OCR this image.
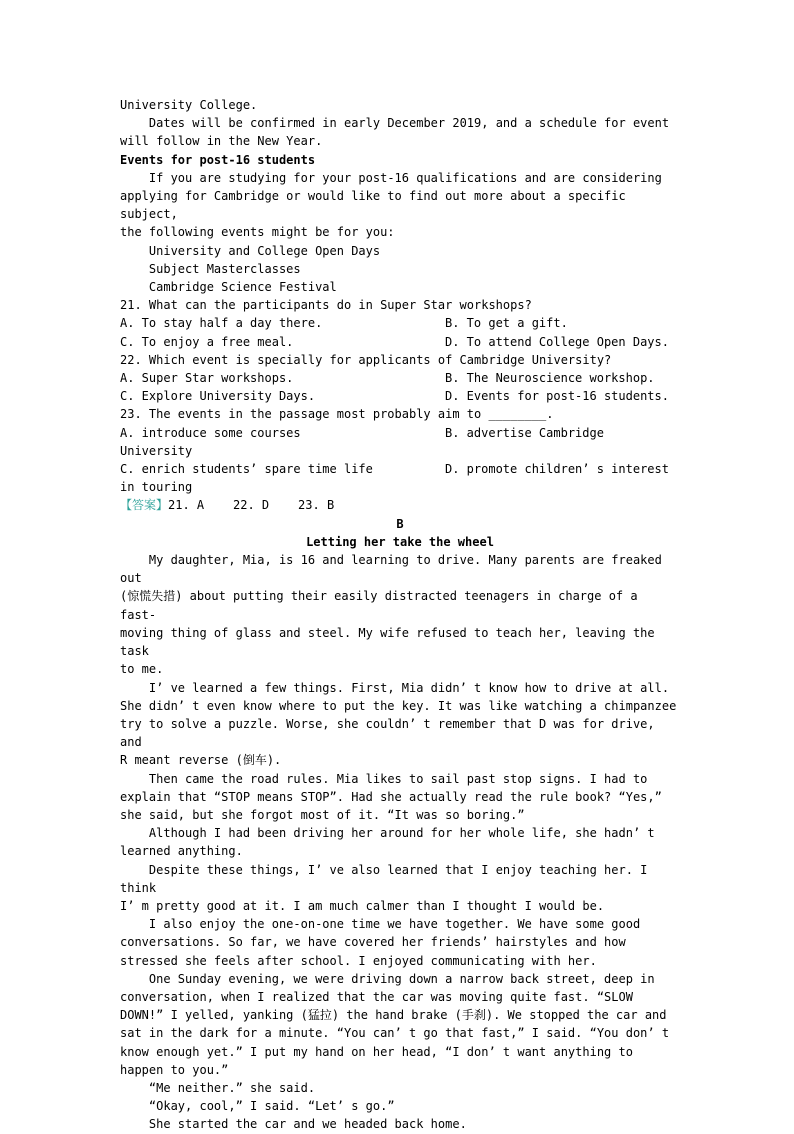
University College.
Dates will be confirmed in early December 2019, and a schedule for event
will follow in the New Year.
Events for post-16 students
If you are studying for your post-16 qualifications and are considering
applying for Cambridge or would like to find out more about a specific subject,
the following events might be for you:
University and College Open Days
Subject Masterclasses
Cambridge Science Festival
21. What can the participants do in Super Star workshops?
A. To stay half a day there.	B. To get a gift.
C. To enjoy a free meal.	D. To attend College Open Days.
22. Which event is specially for applicants of Cambridge University?
A. Super Star workshops.	B. The Neuroscience workshop.
C. Explore University Days.	D. Events for post-16 students.
23. The events in the passage most probably aim to ________.
A. introduce some courses	B. advertise Cambridge
University
C. enrich students’ spare time life	D. promote children’ s interest
in touring
【答案】21. A    22. D    23. B
B
Letting her take the wheel
My daughter, Mia, is 16 and learning to drive. Many parents are freaked out
(惊慌失措) about putting their easily distracted teenagers in charge of a fast-
moving thing of glass and steel. My wife refused to teach her, leaving the task
to me.
I’ ve learned a few things. First, Mia didn’ t know how to drive at all.
She didn’ t even know where to put the key. It was like watching a chimpanzee
try to solve a puzzle. Worse, she couldn’ t remember that D was for drive, and
R meant reverse (倒车).
Then came the road rules. Mia likes to sail past stop signs. I had to
explain that “STOP means STOP”. Had she actually read the rule book? “Yes,”
she said, but she forgot most of it. “It was so boring.”
Although I had been driving her around for her whole life, she hadn’ t
learned anything.
Despite these things, I’ ve also learned that I enjoy teaching her. I think
I’ m pretty good at it. I am much calmer than I thought I would be.
I also enjoy the one-on-one time we have together. We have some good
conversations. So far, we have covered her friends’ hairstyles and how
stressed she feels after school. I enjoyed communicating with her.
One Sunday evening, we were driving down a narrow back street, deep in
conversation, when I realized that the car was moving quite fast. “SLOW
DOWN!” I yelled, yanking (猛拉) the hand brake (手刹). We stopped the car and
sat in the dark for a minute. “You can’ t go that fast,” I said. “You don’ t
know enough yet.” I put my hand on her head, “I don’ t want anything to
happen to you.”
“Me neither.” she said.
“Okay, cool,” I said. “Let’ s go.”
She started the car and we headed back home.
